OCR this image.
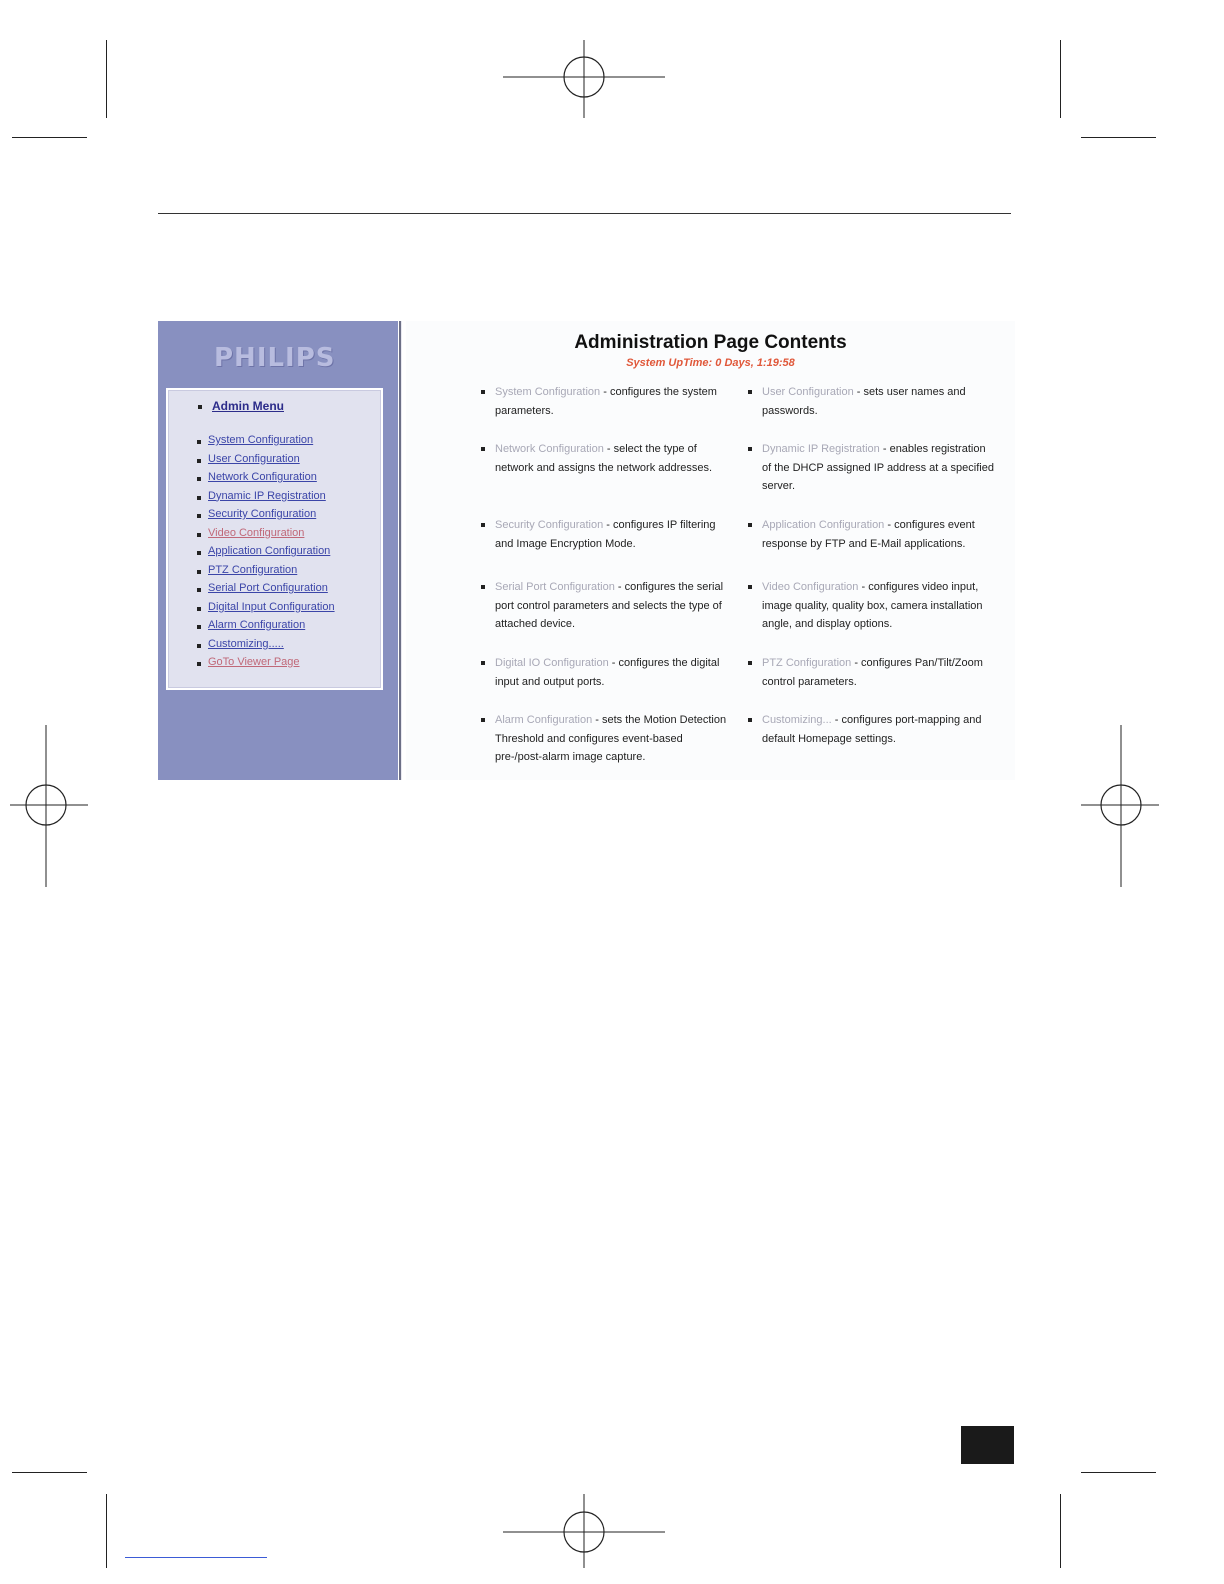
PHILIPS
Admin Menu
System Configuration
User Configuration
Network Configuration
Dynamic IP Registration
Security Configuration
Video Configuration
Application Configuration
PTZ Configuration
Serial Port Configuration
Digital Input Configuration
Alarm Configuration
Customizing.....
GoTo Viewer Page
Administration Page Contents
System UpTime: 0 Days, 1:19:58
System Configuration - configures the system parameters.
Network Configuration - select the type of network and assigns the network addresses.
Security Configuration - configures IP filtering and Image Encryption Mode.
Serial Port Configuration - configures the serial port control parameters and selects the type of attached device.
Digital IO Configuration - configures the digital input and output ports.
Alarm Configuration - sets the Motion Detection Threshold and configures event-based pre-/post-alarm image capture.
User Configuration - sets user names and passwords.
Dynamic IP Registration - enables registration of the DHCP assigned IP address at a specified server.
Application Configuration - configures event response by FTP and E-Mail applications.
Video Configuration - configures video input, image quality, quality box, camera installation angle, and display options.
PTZ Configuration - configures Pan/Tilt/Zoom control parameters.
Customizing... - configures port-mapping and default Homepage settings.
